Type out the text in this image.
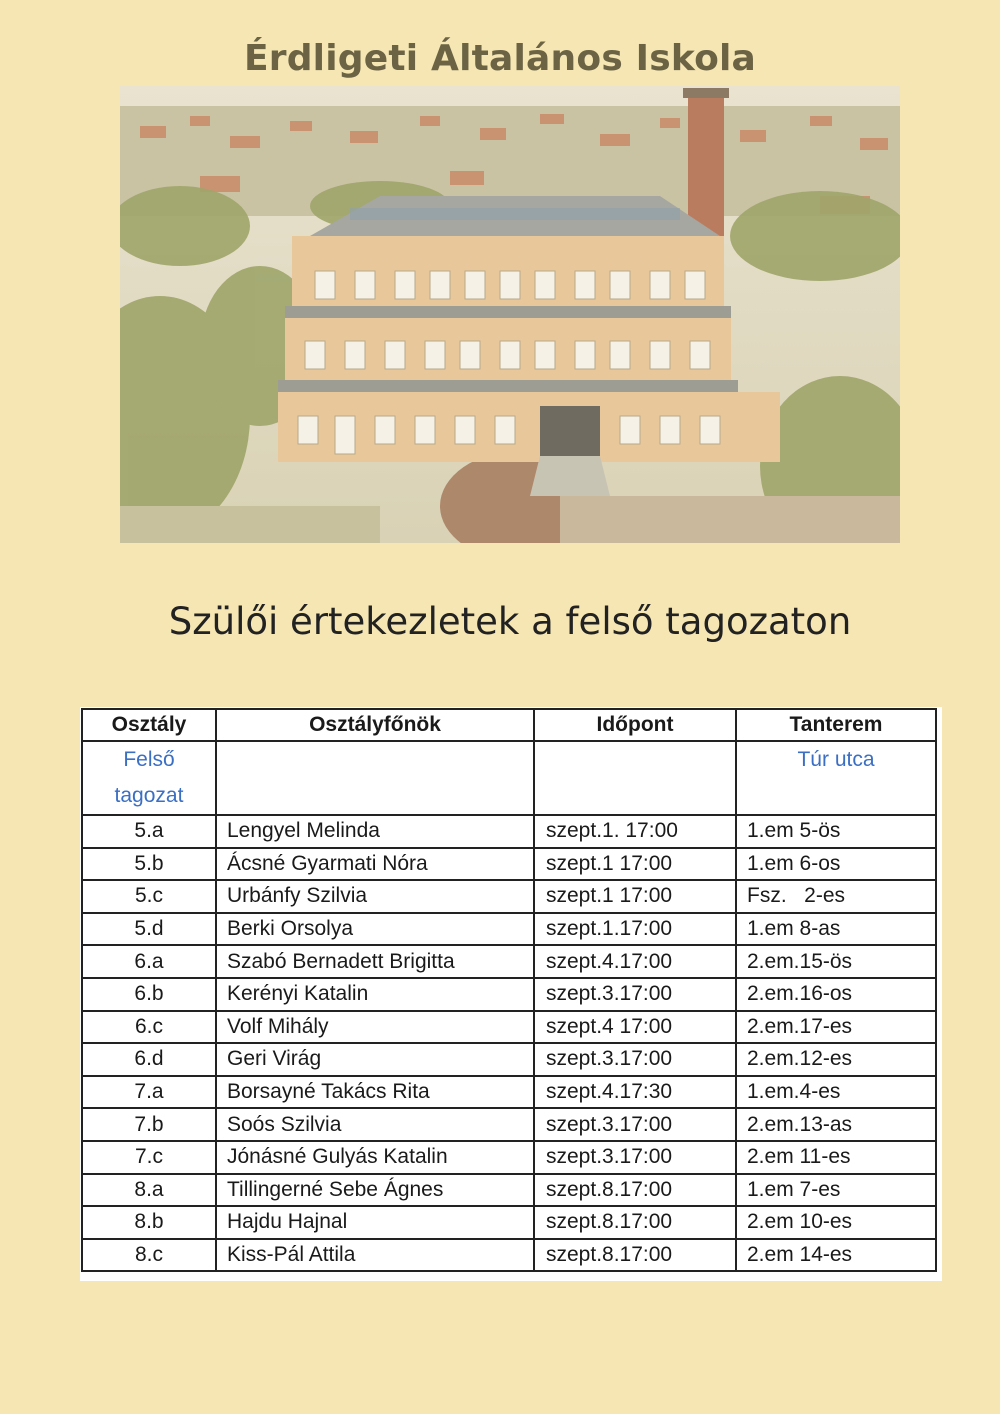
Érdligeti Általános Iskola
Szülői értekezletek a felső tagozaton
Osztály	Osztályfőnök	Időpont	Tanterem

Felső
tagozat			Túr utca

5.a	Lengyel Melinda	szept.1. 17:00	1.em 5-ös
5.b	Ácsné Gyarmati Nóra	szept.1 17:00	1.em 6-os
5.c	Urbánfy Szilvia	szept.1 17:00	Fsz.   2-es
5.d	Berki Orsolya	szept.1.17:00	1.em 8-as
6.a	Szabó Bernadett Brigitta	szept.4.17:00	2.em.15-ös
6.b	Kerényi Katalin	szept.3.17:00	2.em.16-os
6.c	Volf Mihály	szept.4 17:00	2.em.17-es
6.d	Geri Virág	szept.3.17:00	2.em.12-es
7.a	Borsayné Takács Rita	szept.4.17:30	1.em.4-es
7.b	Soós Szilvia	szept.3.17:00	2.em.13-as
7.c	Jónásné Gulyás Katalin	szept.3.17:00	2.em 11-es
8.a	Tillingerné Sebe Ágnes	szept.8.17:00	1.em 7-es
8.b	Hajdu Hajnal	szept.8.17:00	2.em 10-es
8.c	Kiss-Pál Attila	szept.8.17:00	2.em 14-es
